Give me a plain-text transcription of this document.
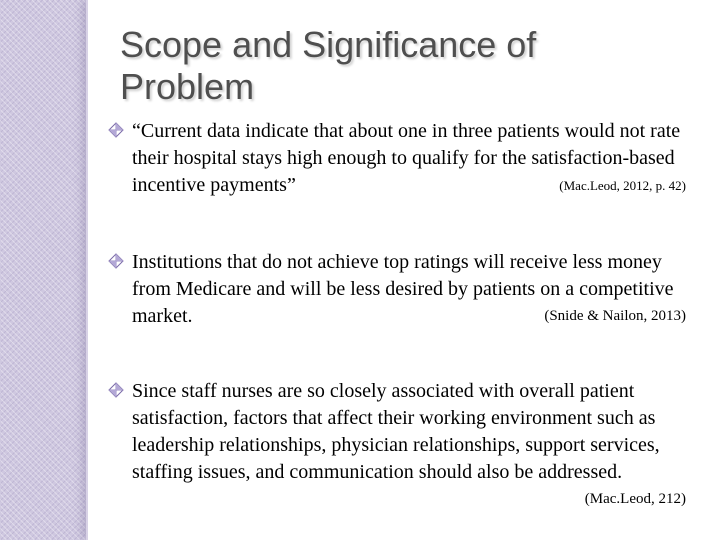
Scope and Significance of
Problem
“Current data indicate that about one in three patients would not rate their hospital stays high enough to qualify for the satisfaction-based incentive payments”	(Mac.Leod, 2012, p. 42)
Institutions that do not achieve top ratings will receive less money from Medicare and will be less desired by patients on a competitive market.	(Snide & Nailon, 2013)
Since staff nurses are so closely associated with overall patient satisfaction, factors that affect their working environment such as leadership relationships, physician relationships, support services, staffing issues, and communication should also be addressed.
(Mac.Leod, 212)
